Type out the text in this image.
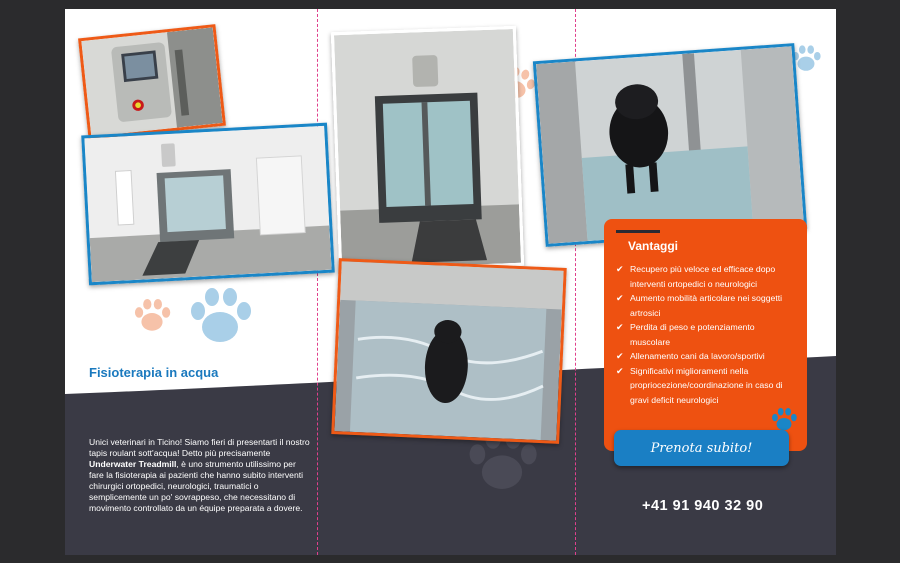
Fisioterapia in acqua
Unici veterinari in Ticino! Siamo fieri di presentarti il nostro tapis roulant sott'acqua! Detto più precisamente Underwater Treadmill, è uno strumento utilissimo per fare la fisioterapia ai pazienti che hanno subito interventi chirurgici ortopedici, neurologici, traumatici o semplicemente un po' sovrappeso, che necessitano di movimento controllato da un équipe preparata a dovere.
Vantaggi
✔ Recupero più veloce ed efficace dopo interventi ortopedici o neurologici
✔ Aumento mobilità articolare nei soggetti artrosici
✔ Perdita di peso e potenziamento muscolare
✔ Allenamento cani da lavoro/sportivi
✔ Significativi miglioramenti nella propriocezione/coordinazione in caso di gravi deficit neurologici
Prenota subito!
+41 91 940 32 90
